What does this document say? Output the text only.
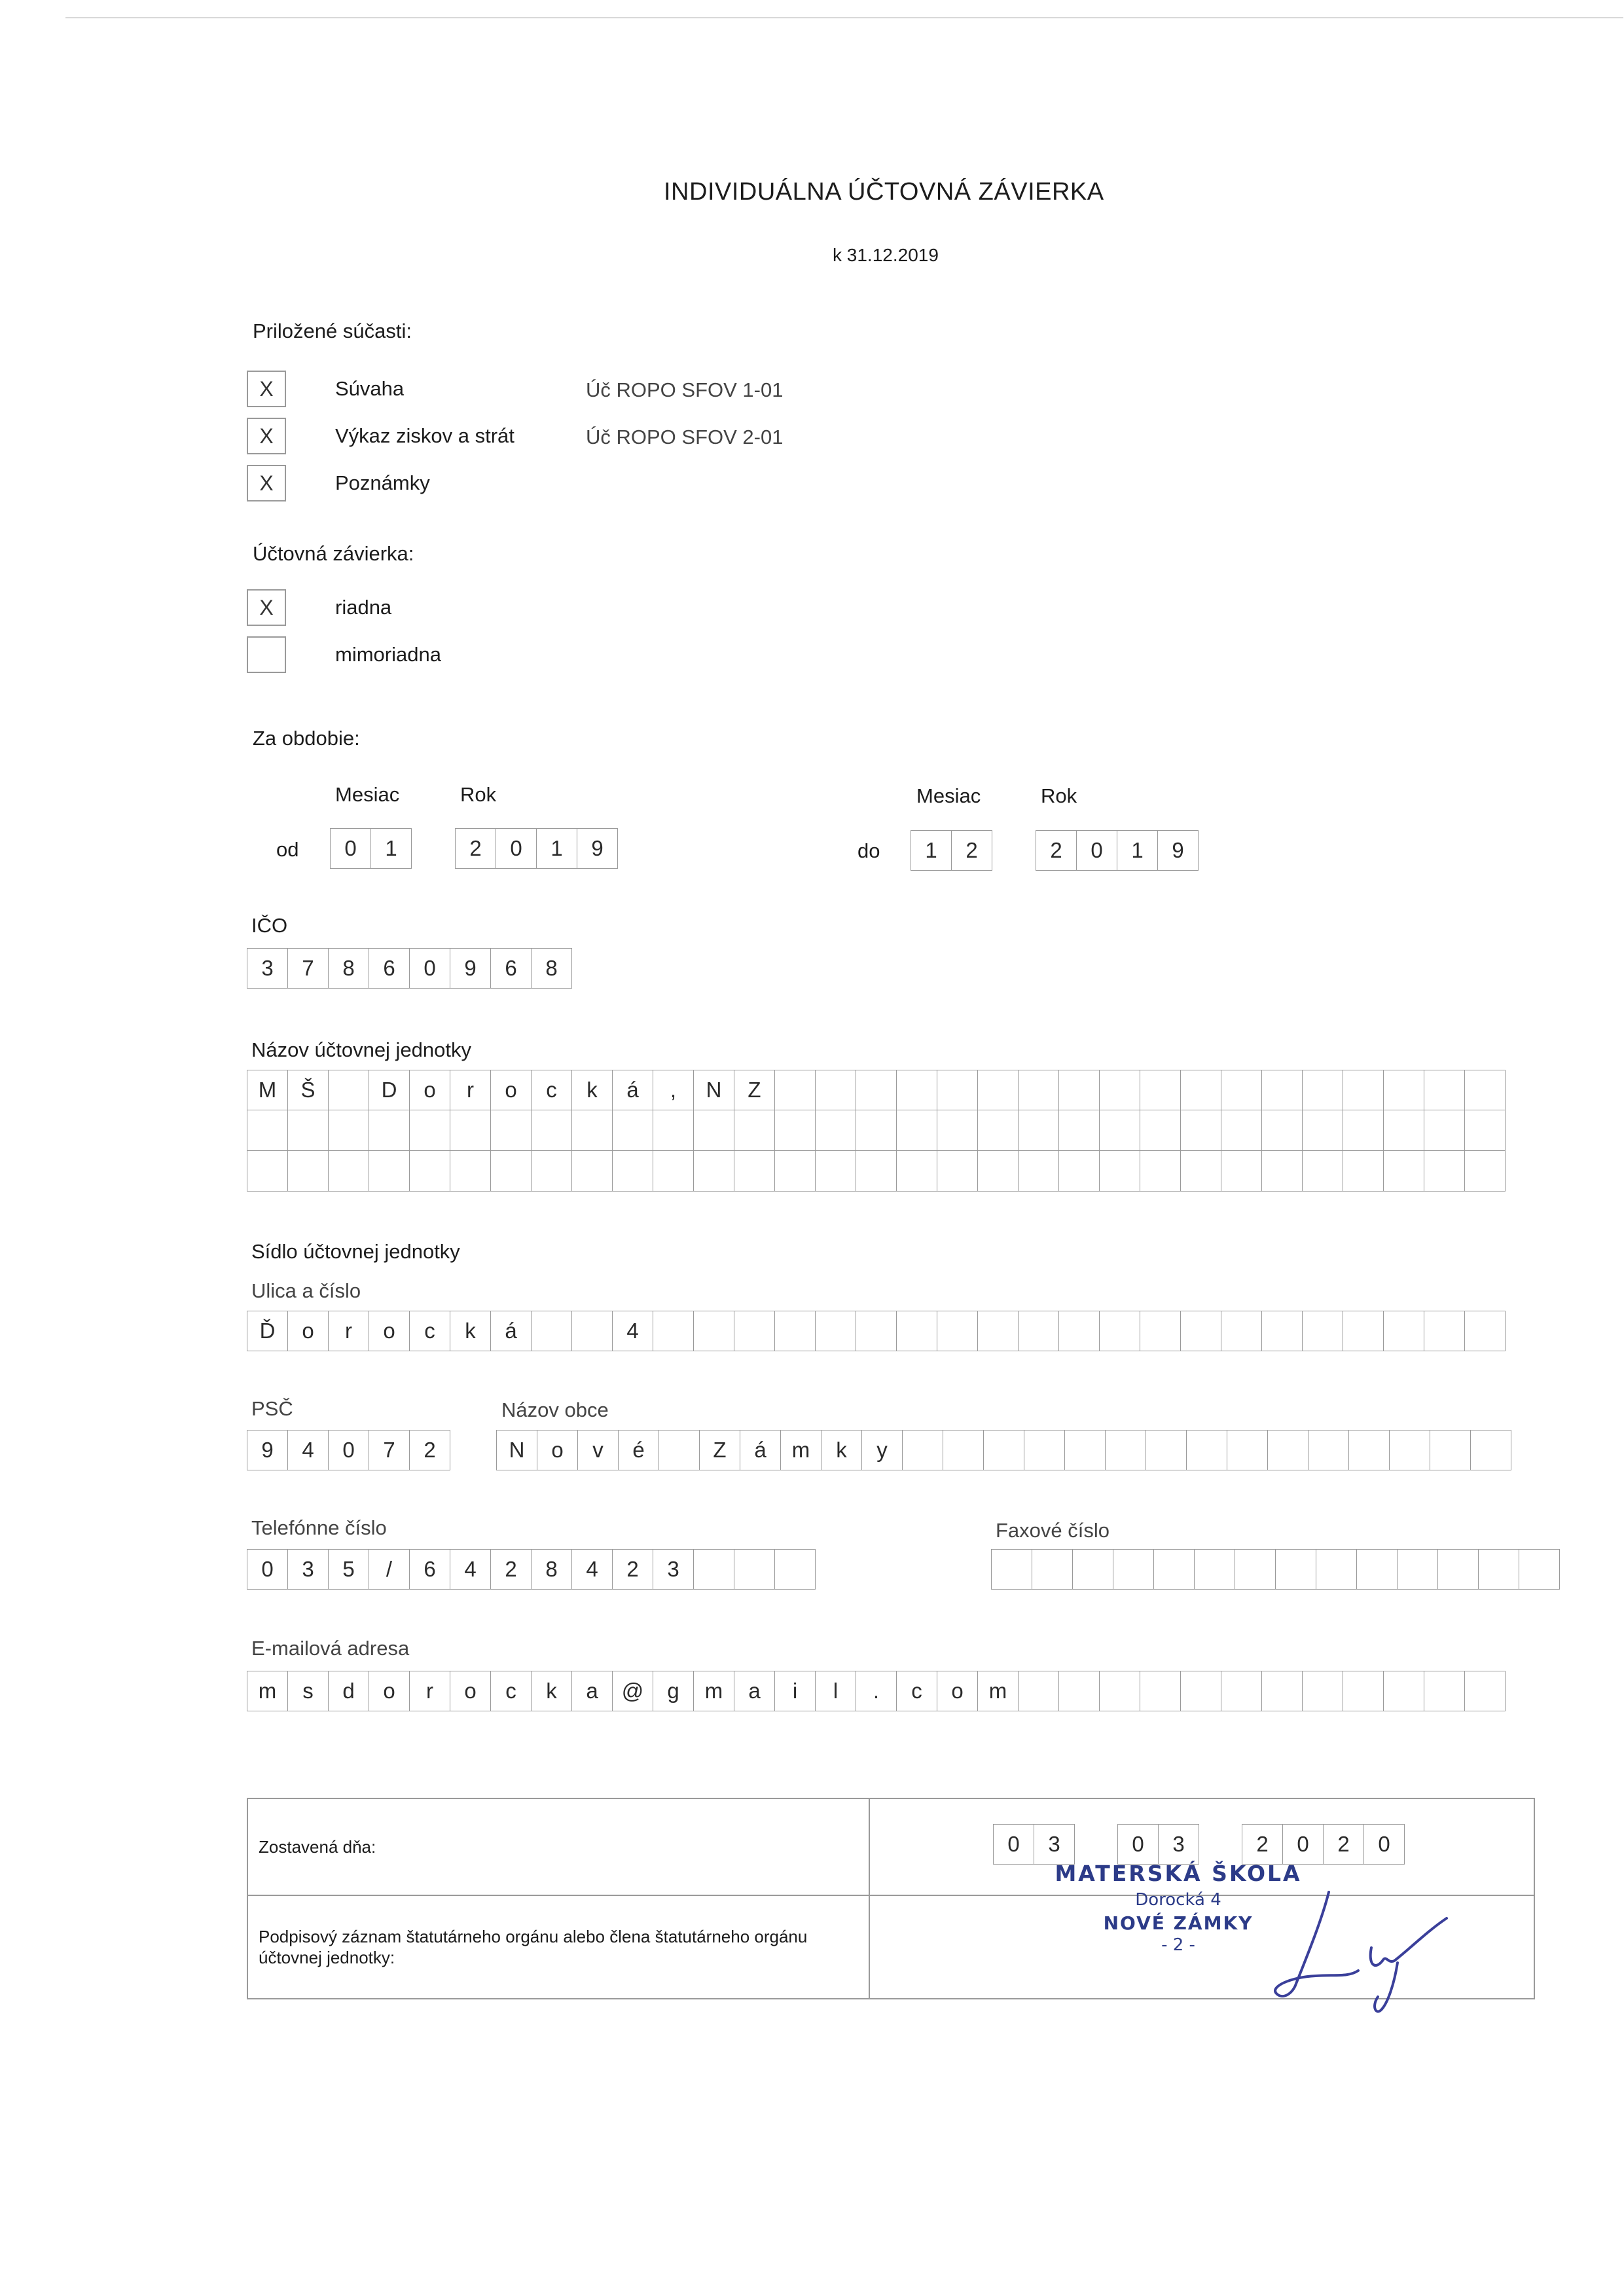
INDIVIDUÁLNA ÚČTOVNÁ ZÁVIERKA
k 31.12.2019
Priložené súčasti:
X	Súvaha	Úč ROPO SFOV 1-01
X	Výkaz ziskov a strát	Úč ROPO SFOV 2-01
X	Poznámky
Účtovná závierka:
X	riadna
mimoriadna
Za obdobie:
Mesiac	Rok	Mesiac	Rok
od	0	1	2	0	1	9	do	1	2	2	0	1	9
IČO
3	7	8	6	0	9	6	8
Názov účtovnej jednotky
M	Š	D	o	r	o	c	k	á	,	N	Z
Sídlo účtovnej jednotky
Ulica a číslo
Ď	o	r	o	c	k	á	4
PSČ	Názov obce
9	4	0	7	2	N	o	v	é	Z	á	m	k	y
Telefónne číslo	Faxové číslo
0	3	5	/	6	4	2	8	4	2	3
E-mailová adresa
m	s	d	o	r	o	c	k	a	@	g	m	a	i	l	.	c	o	m
Zostavená dňa:	0	3	0	3	2	0	2	0
Podpisový záznam štatutárneho orgánu alebo člena štatutárneho orgánu účtovnej jednotky:
MATERSKÁ ŠKOLA
Dorocká 4
NOVÉ ZÁMKY
- 2 -
